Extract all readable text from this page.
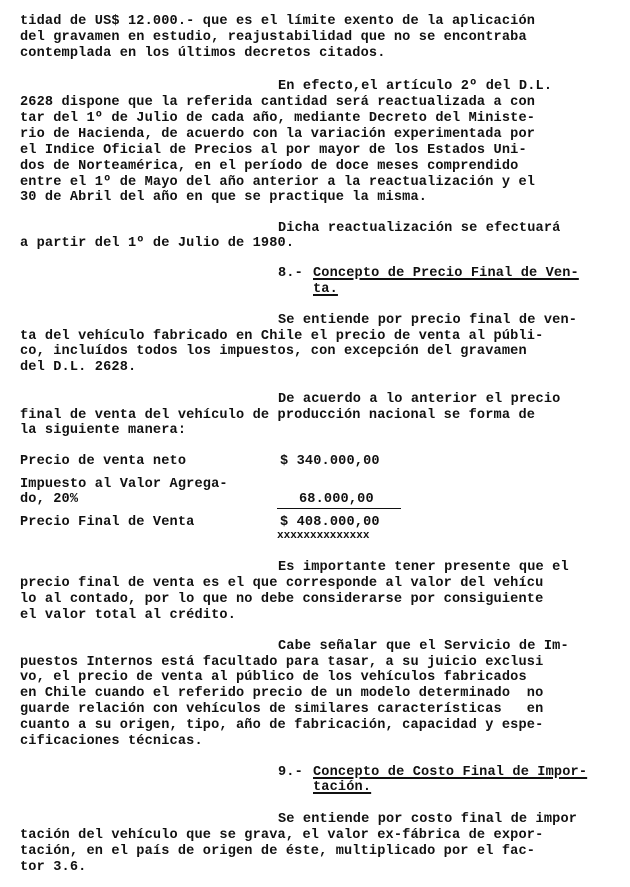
tidad de US$ 12.000.- que es el límite exento de la aplicación
del gravamen en estudio, reajustabilidad que no se encontraba
contemplada en los últimos decretos citados.
En efecto,el artículo 2º del D.L.
2628 dispone que la referida cantidad será reactualizada a con
tar del 1º de Julio de cada año, mediante Decreto del Ministe-
rio de Hacienda, de acuerdo con la variación experimentada por
el Indice Oficial de Precios al por mayor de los Estados Uni-
dos de Norteamérica, en el período de doce meses comprendido
entre el 1º de Mayo del año anterior a la reactualización y el
30 de Abril del año en que se practique la misma.
Dicha reactualización se efectuará
a partir del 1º de Julio de 1980.
8.- Concepto de Precio Final de Ven-
ta.
Se entiende por precio final de ven-
ta del vehículo fabricado en Chile el precio de venta al públi-
co, incluídos todos los impuestos, con excepción del gravamen
del D.L. 2628.
De acuerdo a lo anterior el precio
final de venta del vehículo de producción nacional se forma de
la siguiente manera:
Precio de venta neto	$ 340.000,00
Impuesto al Valor Agrega-
do, 20%	68.000,00
Precio Final de Venta	$ 408.000,00
xxxxxxxxxxxxxx
Es importante tener presente que el
precio final de venta es el que corresponde al valor del vehícu
lo al contado, por lo que no debe considerarse por consiguiente
el valor total al crédito.
Cabe señalar que el Servicio de Im-
puestos Internos está facultado para tasar, a su juicio exclusi
vo, el precio de venta al público de los vehículos fabricados
en Chile cuando el referido precio de un modelo determinado  no
guarde relación con vehículos de similares características   en
cuanto a su origen, tipo, año de fabricación, capacidad y espe-
cificaciones técnicas.
9.- Concepto de Costo Final de Impor-
tación.
Se entiende por costo final de impor
tación del vehículo que se grava, el valor ex-fábrica de expor-
tación, en el país de origen de éste, multiplicado por el fac-
tor 3.6.
